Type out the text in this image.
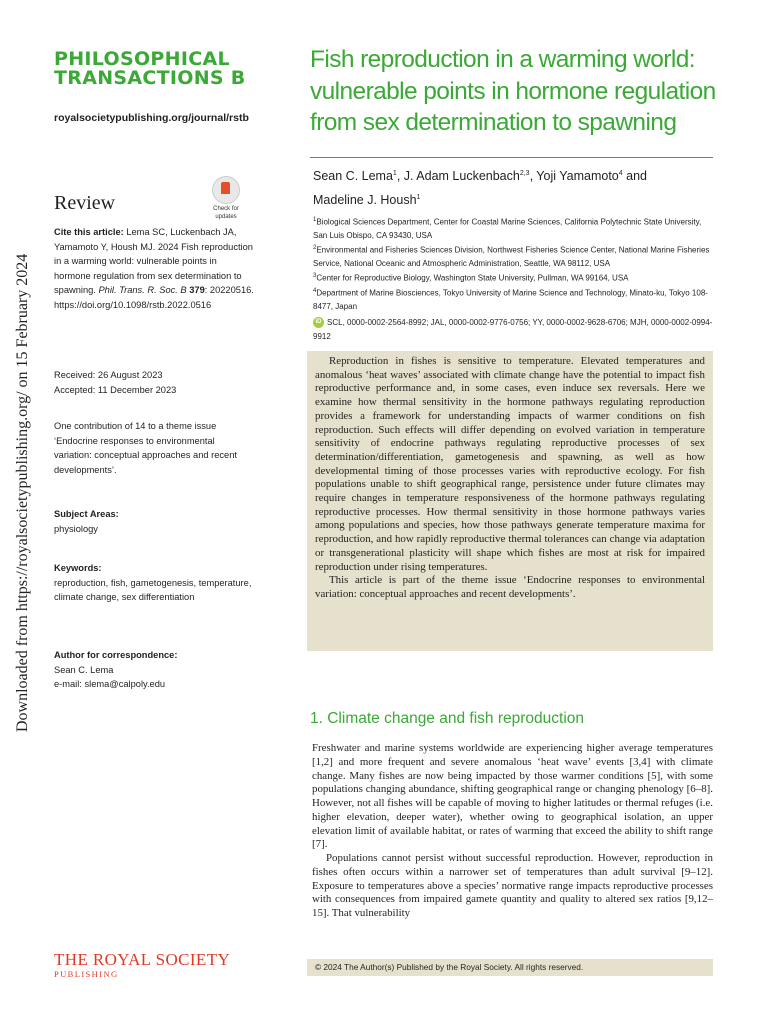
Downloaded from https://royalsocietypublishing.org/ on 15 February 2024
PHILOSOPHICAL
TRANSACTIONS B
royalsocietypublishing.org/journal/rstb
Review	Check for
updates
Cite this article: Lema SC, Luckenbach JA, Yamamoto Y, Housh MJ. 2024 Fish reproduction in a warming world: vulnerable points in hormone regulation from sex determination to spawning. Phil. Trans. R. Soc. B 379: 20220516.
https://doi.org/10.1098/rstb.2022.0516
Received: 26 August 2023
Accepted: 11 December 2023
One contribution of 14 to a theme issue ‘Endocrine responses to environmental variation: conceptual approaches and recent developments’.
Subject Areas:
physiology
Keywords:
reproduction, fish, gametogenesis, temperature, climate change, sex differentiation
Author for correspondence:
Sean C. Lema
e-mail: slema@calpoly.edu
Fish reproduction in a warming world: vulnerable points in hormone regulation from sex determination to spawning
Sean C. Lema$^1$, J. Adam Luckenbach$^{2,3}$, Yoji Yamamoto$^4$ and
Madeline J. Housh$^1$
$^1$Biological Sciences Department, Center for Coastal Marine Sciences, California Polytechnic State University, San Luis Obispo, CA 93430, USA
$^2$Environmental and Fisheries Sciences Division, Northwest Fisheries Science Center, National Marine Fisheries Service, National Oceanic and Atmospheric Administration, Seattle, WA 98112, USA
$^3$Center for Reproductive Biology, Washington State University, Pullman, WA 99164, USA
$^4$Department of Marine Biosciences, Tokyo University of Marine Science and Technology, Minato-ku, Tokyo 108-8477, Japan
iD SCL, 0000-0002-2564-8992; JAL, 0000-0002-9776-0756; YY, 0000-0002-9628-6706; MJH, 0000-0002-0994-9912

Reproduction in fishes is sensitive to temperature. Elevated temperatures and anomalous ‘heat waves’ associated with climate change have the potential to impact fish reproductive performance and, in some cases, even induce sex reversals. Here we examine how thermal sensitivity in the hormone pathways regulating reproduction provides a framework for understanding impacts of warmer conditions on fish reproduction. Such effects will differ depending on evolved variation in temperature sensitivity of endocrine pathways regulating reproductive processes of sex determination/differentiation, gametogenesis and spawning, as well as how developmental timing of those processes varies with reproductive ecology. For fish populations unable to shift geographical range, persistence under future climates may require changes in temperature responsiveness of the hormone pathways regulating reproductive processes. How thermal sensitivity in those hormone pathways varies among populations and species, how those pathways generate temperature maxima for reproduction, and how rapidly reproductive thermal tolerances can change via adaptation or transgenerational plasticity will shape which fishes are most at risk for impaired reproduction under rising temperatures.

This article is part of the theme issue ‘Endocrine responses to environmental variation: conceptual approaches and recent developments’.

1. Climate change and fish reproduction

Freshwater and marine systems worldwide are experiencing higher average temperatures [1,2] and more frequent and severe anomalous ‘heat wave’ events [3,4] with climate change. Many fishes are now being impacted by those warmer conditions [5], with some populations changing abundance, shifting geographical range or changing phenology [6–8]. However, not all fishes will be capable of moving to higher latitudes or thermal refuges (i.e. higher elevation, deeper water), whether owing to geographical isolation, an upper elevation limit of available habitat, or rates of warming that exceed the ability to shift range [7].

Populations cannot persist without successful reproduction. However, reproduction in fishes often occurs within a narrower set of temperatures than adult survival [9–12]. Exposure to temperatures above a species’ normative range impacts reproductive processes with consequences from impaired gamete quantity and quality to altered sex ratios [9,12–15]. That vulnerability

THE ROYAL SOCIETY
PUBLISHING
© 2024 The Author(s) Published by the Royal Society. All rights reserved.
